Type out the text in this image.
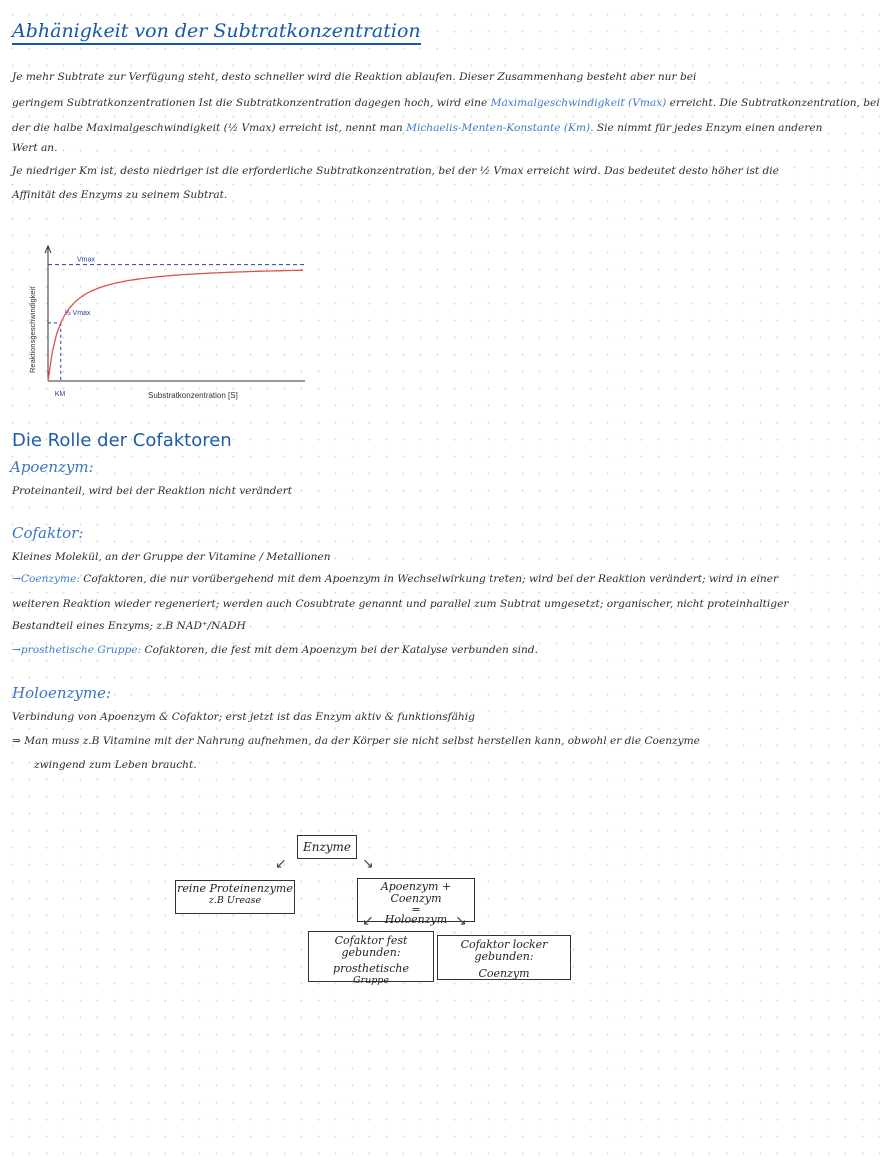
Abhänigkeit von der Subtratkonzentration
Je mehr Subtrate zur Verfügung steht, desto schneller wird die Reaktion ablaufen. Dieser Zusammenhang besteht aber nur bei
geringem Subtratkonzentrationen Ist die Subtratkonzentration dagegen hoch, wird eine Maximalgeschwindigkeit (Vmax) erreicht. Die Subtratkonzentration, bei
der die halbe Maximalgeschwindigkeit (½ Vmax) erreicht ist, nennt man Michaelis-Menten-Konstante (Km). Sie nimmt für jedes Enzym einen anderen
Wert an.
Je niedriger Km ist, desto niedriger ist die erforderliche Subtratkonzentration, bei der ½ Vmax erreicht wird. Das bedeutet desto höher ist die
Affinität des Enzyms zu seinem Subtrat.
Vmax
½ Vmax
KM	Substratkonzentration [S]
Reaktionsgeschwindigkeit
Die Rolle der Cofaktoren
Apoenzym:
Proteinanteil, wird bei der Reaktion nicht verändert
Cofaktor:
Kleines Molekül, an der Gruppe der Vitamine / Metallionen
→Coenzyme: Cofaktoren, die nur vorübergehend mit dem Apoenzym in Wechselwirkung treten; wird bei der Reaktion verändert; wird in einer
weiteren Reaktion wieder regeneriert; werden auch Cosubtrate genannt und parallel zum Subtrat umgesetzt; organischer, nicht proteinhaltiger
Bestandteil eines Enzyms; z.B NAD⁺/NADH
→prosthetische Gruppe: Cofaktoren, die fest mit dem Apoenzym bei der Katalyse verbunden sind.
Holoenzyme:
Verbindung von Apoenzym & Cofaktor; erst jetzt ist das Enzym aktiv & funktionsfähig
⇒ Man muss z.B Vitamine mit der Nahrung aufnehmen, da der Körper sie nicht selbst herstellen kann, obwohl er die Coenzyme
zwingend zum Leben braucht.
Enzyme
↙	↘
reine Proteinenzyme
z.B Urease
Apoenzym + Coenzym
=
Holoenzym
↙	↘
Cofaktor fest gebunden:
prosthetische
Gruppe
Cofaktor locker gebunden:
Coenzym
